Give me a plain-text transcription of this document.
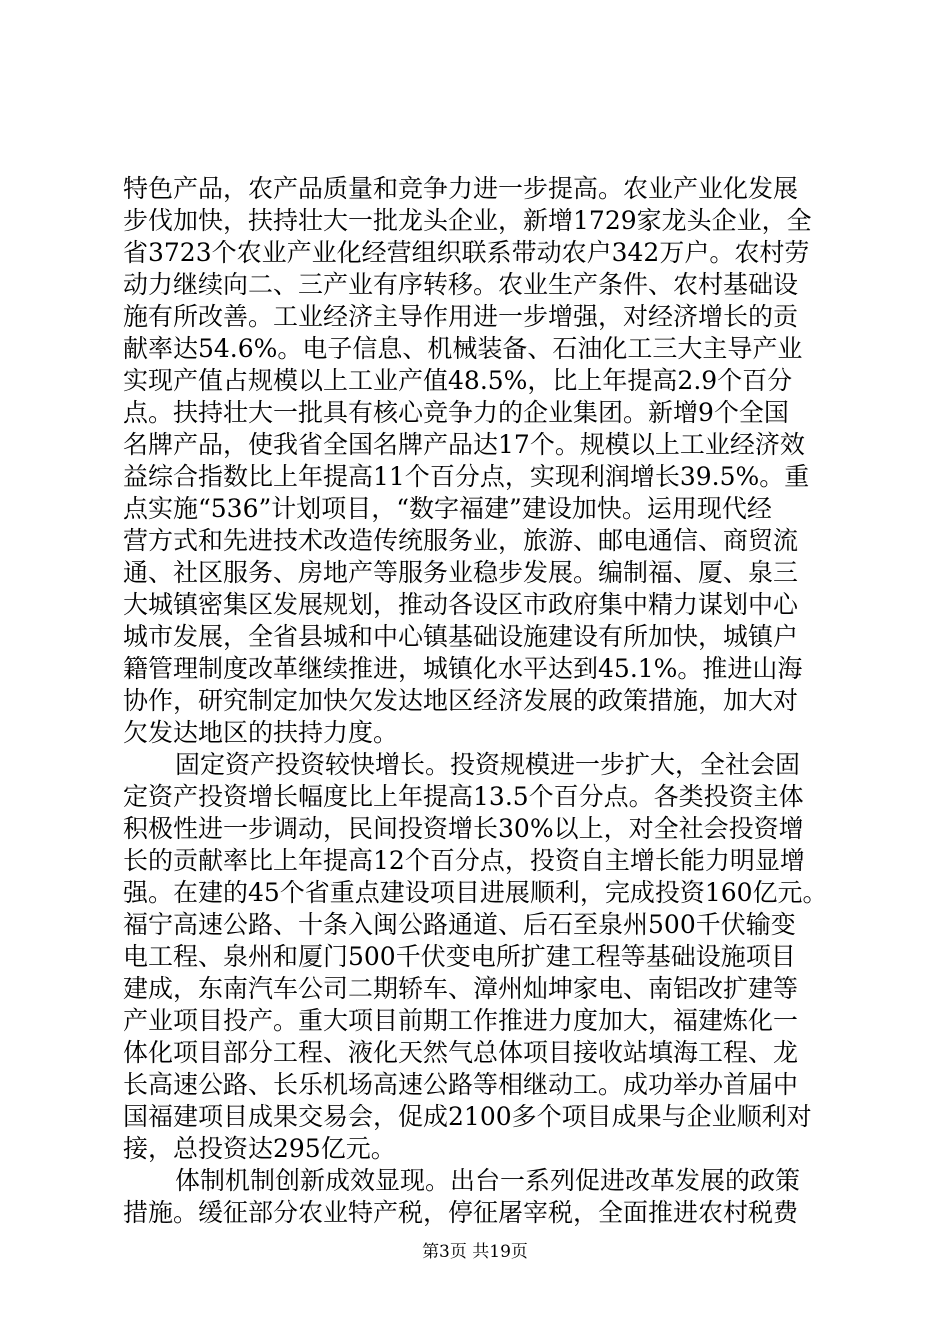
特色产品，农产品质量和竞争力进一步提高。农业产业化发展
步伐加快，扶持壮大一批龙头企业，新增1729家龙头企业，全
省3723个农业产业化经营组织联系带动农户342万户。农村劳
动力继续向二、三产业有序转移。农业生产条件、农村基础设
施有所改善。工业经济主导作用进一步增强，对经济增长的贡
献率达54.6%。电子信息、机械装备、石油化工三大主导产业
实现产值占规模以上工业产值48.5%，比上年提高2.9个百分
点。扶持壮大一批具有核心竞争力的企业集团。新增9个全国
名牌产品，使我省全国名牌产品达17个。规模以上工业经济效
益综合指数比上年提高11个百分点，实现利润增长39.5%。重
点实施“536”计划项目，“数字福建”建设加快。运用现代经
营方式和先进技术改造传统服务业，旅游、邮电通信、商贸流
通、社区服务、房地产等服务业稳步发展。编制福、厦、泉三
大城镇密集区发展规划，推动各设区市政府集中精力谋划中心
城市发展，全省县城和中心镇基础设施建设有所加快，城镇户
籍管理制度改革继续推进，城镇化水平达到45.1%。推进山海
协作，研究制定加快欠发达地区经济发展的政策措施，加大对
欠发达地区的扶持力度。
固定资产投资较快增长。投资规模进一步扩大，全社会固
定资产投资增长幅度比上年提高13.5个百分点。各类投资主体
积极性进一步调动，民间投资增长30%以上，对全社会投资增
长的贡献率比上年提高12个百分点，投资自主增长能力明显增
强。在建的45个省重点建设项目进展顺利，完成投资160亿元。
福宁高速公路、十条入闽公路通道、后石至泉州500千伏输变
电工程、泉州和厦门500千伏变电所扩建工程等基础设施项目
建成，东南汽车公司二期轿车、漳州灿坤家电、南铝改扩建等
产业项目投产。重大项目前期工作推进力度加大，福建炼化一
体化项目部分工程、液化天然气总体项目接收站填海工程、龙
长高速公路、长乐机场高速公路等相继动工。成功举办首届中
国福建项目成果交易会，促成2100多个项目成果与企业顺利对
接，总投资达295亿元。
体制机制创新成效显现。出台一系列促进改革发展的政策
措施。缓征部分农业特产税，停征屠宰税，全面推进农村税费
第3页 共19页
